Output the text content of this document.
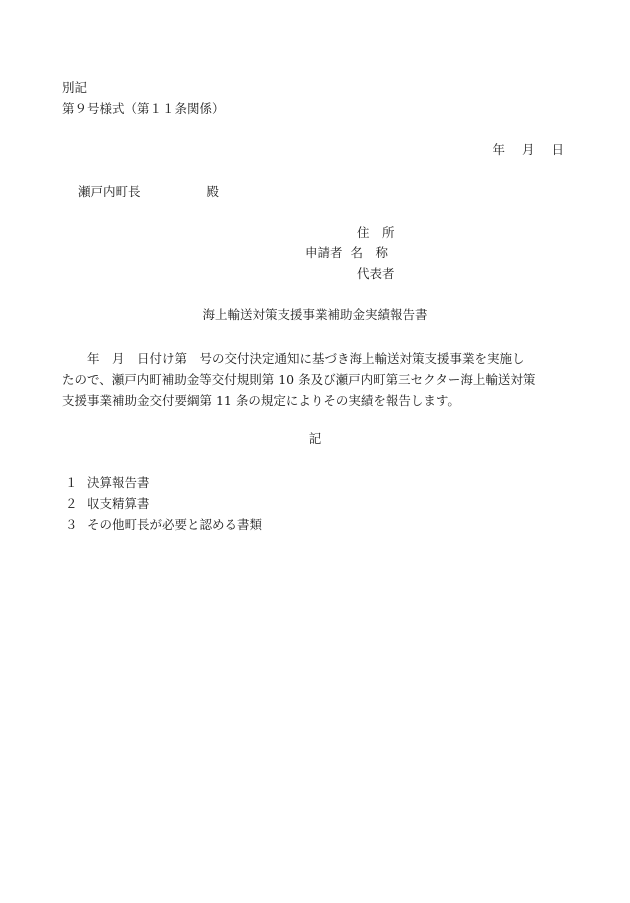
別記
第９号様式（第１１条関係）
年 月 日
瀬戸内町長	殿
住　所
申請者 名　称
代表者
海上輸送対策支援事業補助金実績報告書
　　年　月　日付け第　号の交付決定通知に基づき海上輸送対策支援事業を実施し
たので、瀬戸内町補助金等交付規則第 10 条及び瀬戸内町第三セクター海上輸送対策
支援事業補助金交付要綱第 11 条の規定によりその実績を報告します。
記
１ 決算報告書
２ 収支精算書
３ その他町長が必要と認める書類
